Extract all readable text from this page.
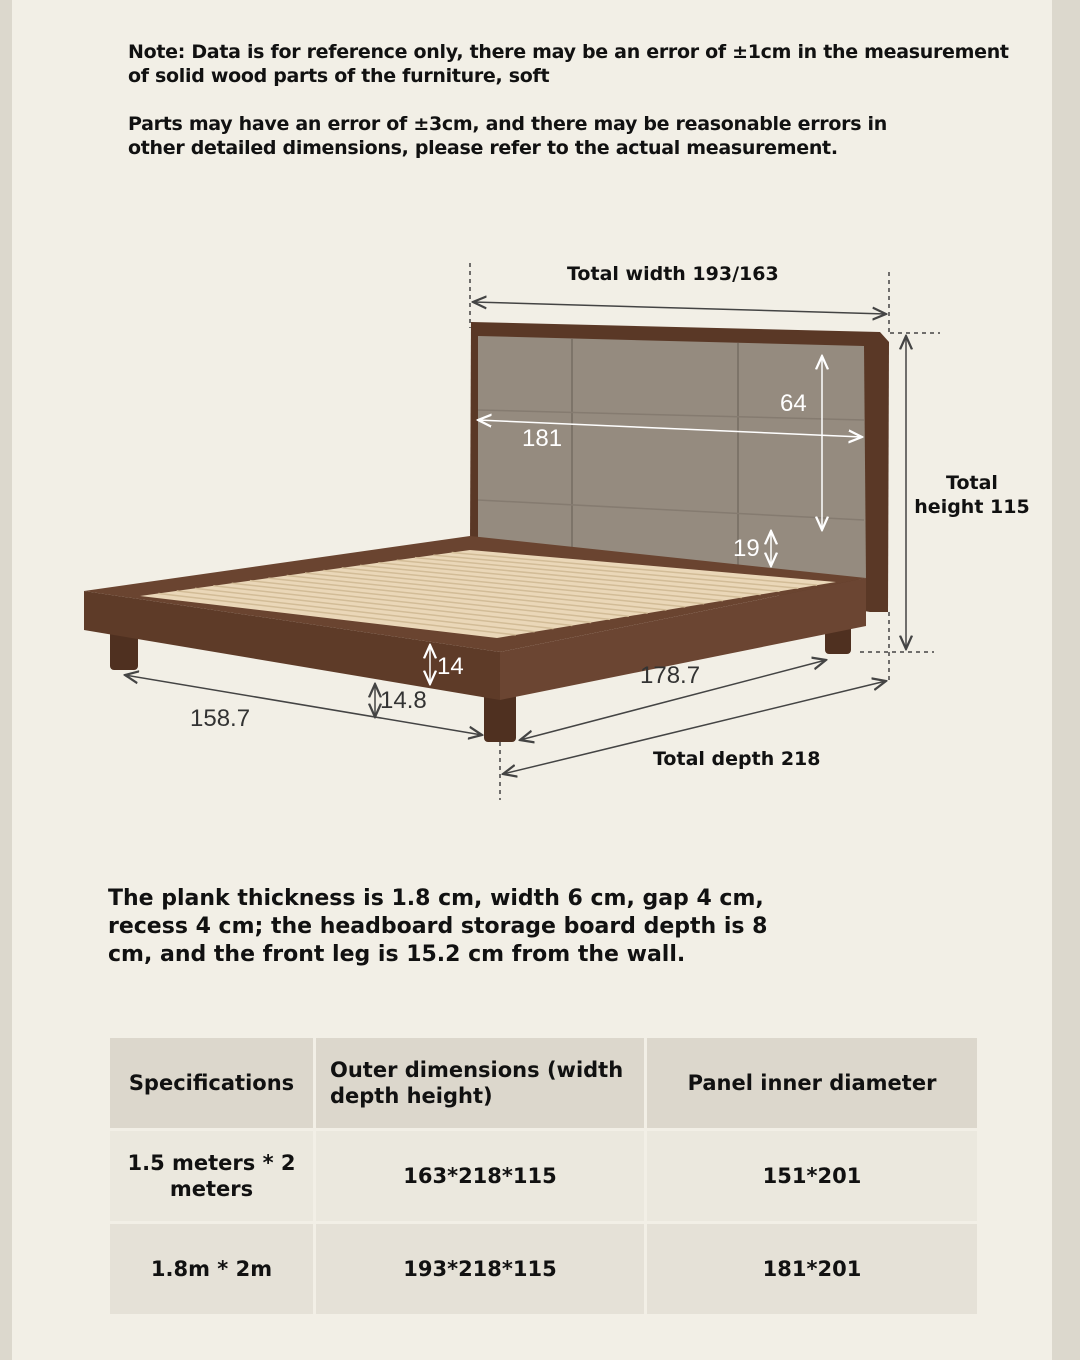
Note: Data is for reference only, there may be an error of ±1cm in the measurement of solid wood parts of the furniture, soft
Parts may have an error of ±3cm, and there may be reasonable errors in other detailed dimensions, please refer to the actual measurement.
Total width 193/163
Total height 115
Total depth 218
181
64
19
14
14.8
158.7
178.7
The plank thickness is 1.8 cm, width 6 cm, gap 4 cm, recess 4 cm; the headboard storage board depth is 8 cm, and the front leg is 15.2 cm from the wall.
Specifications	Outer dimensions (width depth height)	Panel inner diameter
1.5 meters * 2 meters	163*218*115	151*201
1.8m * 2m	193*218*115	181*201
